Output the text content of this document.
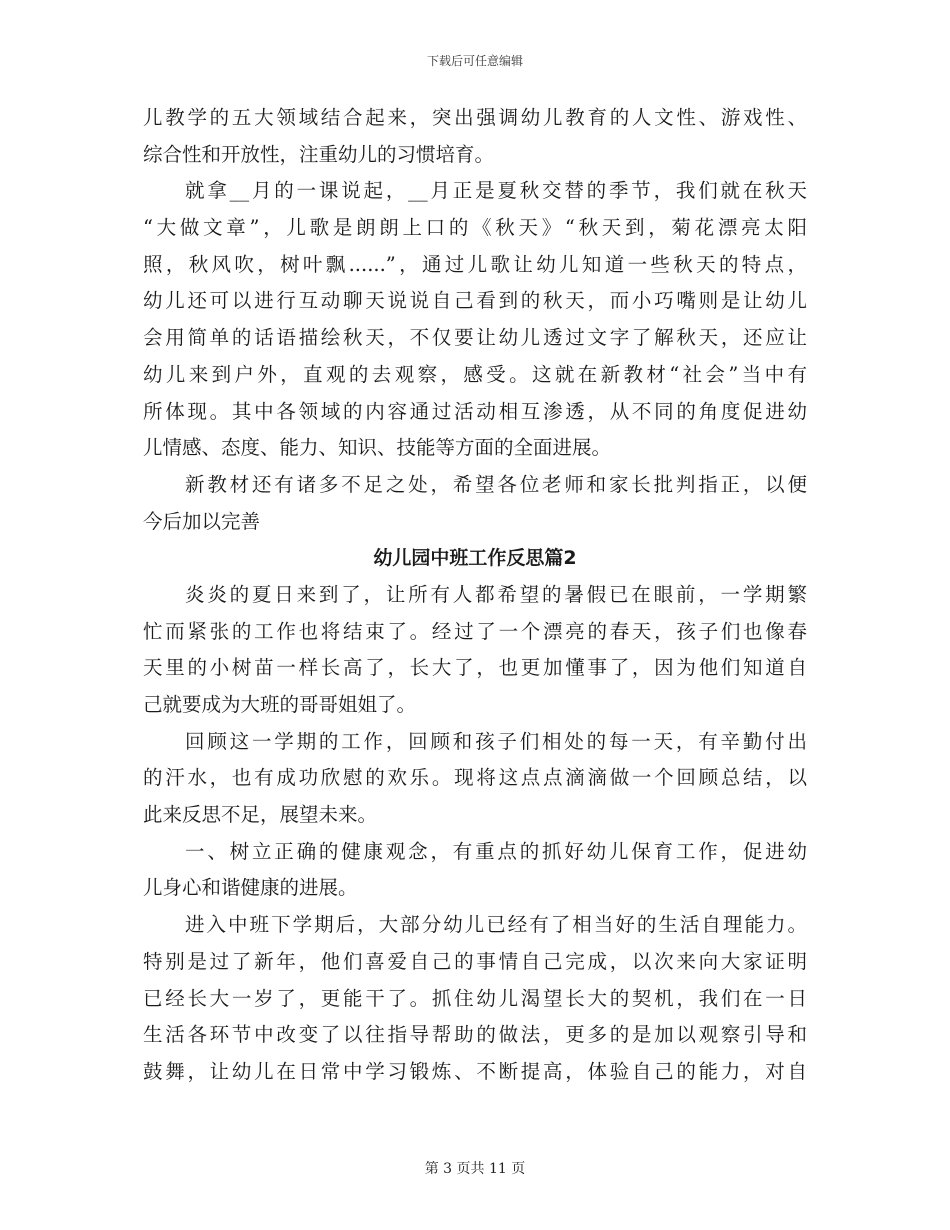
下载后可任意编辑
儿教学的五大领域结合起来，突出强调幼儿教育的人文性、游戏性、
综合性和开放性，注重幼儿的习惯培育。
就拿__月的一课说起，__月正是夏秋交替的季节，我们就在秋天
“大做文章”，儿歌是朗朗上口的《秋天》“秋天到，菊花漂亮太阳
照，秋风吹，树叶飘......”，通过儿歌让幼儿知道一些秋天的特点，
幼儿还可以进行互动聊天说说自己看到的秋天，而小巧嘴则是让幼儿
会用简单的话语描绘秋天，不仅要让幼儿透过文字了解秋天，还应让
幼儿来到户外，直观的去观察，感受。这就在新教材“社会”当中有
所体现。其中各领域的内容通过活动相互渗透，从不同的角度促进幼
儿情感、态度、能力、知识、技能等方面的全面进展。
新教材还有诸多不足之处，希望各位老师和家长批判指正，以便
今后加以完善
幼儿园中班工作反思篇2
炎炎的夏日来到了，让所有人都希望的暑假已在眼前，一学期繁
忙而紧张的工作也将结束了。经过了一个漂亮的春天，孩子们也像春
天里的小树苗一样长高了，长大了，也更加懂事了，因为他们知道自
己就要成为大班的哥哥姐姐了。
回顾这一学期的工作，回顾和孩子们相处的每一天，有辛勤付出
的汗水，也有成功欣慰的欢乐。现将这点点滴滴做一个回顾总结，以
此来反思不足，展望未来。
一、树立正确的健康观念，有重点的抓好幼儿保育工作，促进幼
儿身心和谐健康的进展。
进入中班下学期后，大部分幼儿已经有了相当好的生活自理能力。
特别是过了新年，他们喜爱自己的事情自己完成，以次来向大家证明
已经长大一岁了，更能干了。抓住幼儿渴望长大的契机，我们在一日
生活各环节中改变了以往指导帮助的做法，更多的是加以观察引导和
鼓舞，让幼儿在日常中学习锻炼、不断提高，体验自己的能力，对自
第 3 页共 11 页
